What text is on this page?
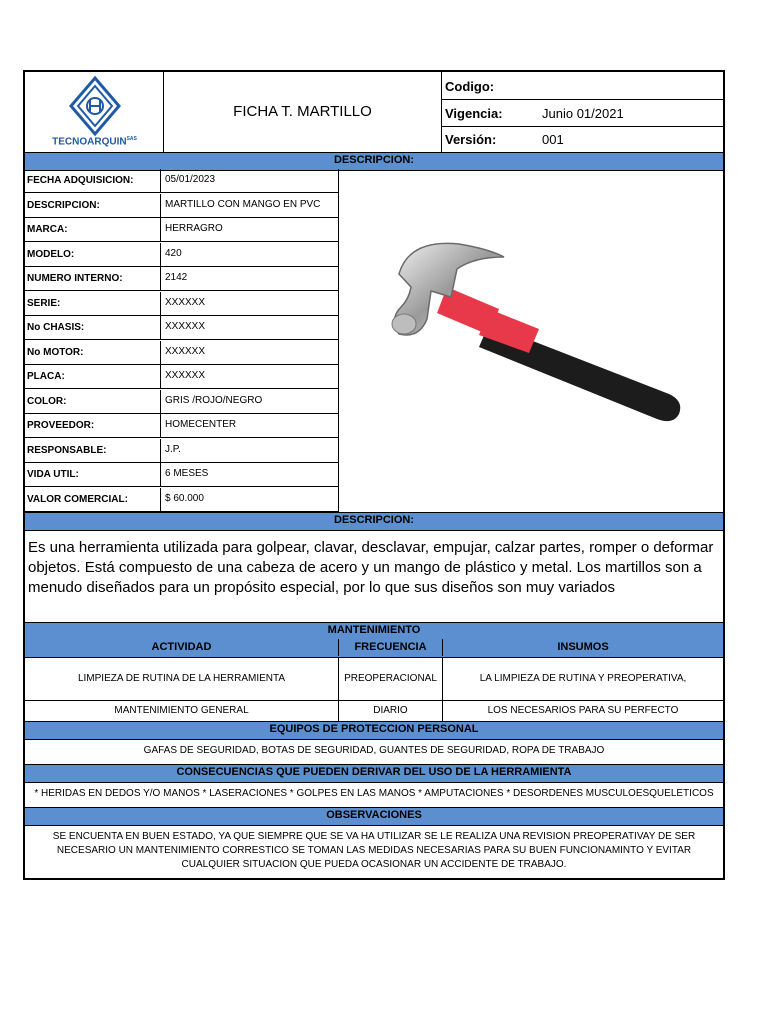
$TECNOARQUIN^{SAS}$
FICHA T. MARTILLO
Codigo:
Vigencia:	Junio 01/2021
Versión:	001
DESCRIPCION:
FECHA ADQUISICION:	05/01/2023
DESCRIPCION:	MARTILLO CON MANGO EN PVC
MARCA:	HERRAGRO
MODELO:	420
NUMERO INTERNO:	2142
SERIE:	XXXXXX
No CHASIS:	XXXXXX
No MOTOR:	XXXXXX
PLACA:	XXXXXX
COLOR:	GRIS /ROJO/NEGRO
PROVEEDOR:	HOMECENTER
RESPONSABLE:	J.P.
VIDA UTIL:	6 MESES
VALOR COMERCIAL:	$ 60.000
DESCRIPCION:
Es una herramienta utilizada para golpear, clavar, desclavar, empujar, calzar partes, romper o deformar objetos. Está compuesto de una cabeza de acero y un mango de plástico y metal. Los martillos son a menudo diseñados para un propósito especial, por lo que sus diseños son muy variados
MANTENIMIENTO
ACTIVIDAD	FRECUENCIA	INSUMOS
LIMPIEZA DE RUTINA DE LA HERRAMIENTA	PREOPERACIONAL	LA LIMPIEZA DE RUTINA Y PREOPERATIVA,
MANTENIMIENTO GENERAL	DIARIO	LOS NECESARIOS PARA SU PERFECTO
EQUIPOS DE PROTECCION PERSONAL
GAFAS DE SEGURIDAD, BOTAS DE SEGURIDAD, GUANTES DE SEGURIDAD, ROPA DE TRABAJO
CONSECUENCIAS QUE PUEDEN DERIVAR DEL USO DE LA HERRAMIENTA
* HERIDAS EN DEDOS Y/O MANOS * LASERACIONES * GOLPES EN LAS MANOS * AMPUTACIONES * DESORDENES MUSCULOESQUELETICOS
OBSERVACIONES
SE ENCUENTA EN BUEN ESTADO, YA QUE SIEMPRE QUE SE VA HA UTILIZAR SE LE REALIZA UNA REVISION PREOPERATIVAY DE SER NECESARIO UN MANTENIMIENTO CORRESTICO SE TOMAN LAS MEDIDAS NECESARIAS PARA SU BUEN FUNCIONAMINTO Y EVITAR CUALQUIER SITUACION QUE PUEDA OCASIONAR UN ACCIDENTE DE TRABAJO.
